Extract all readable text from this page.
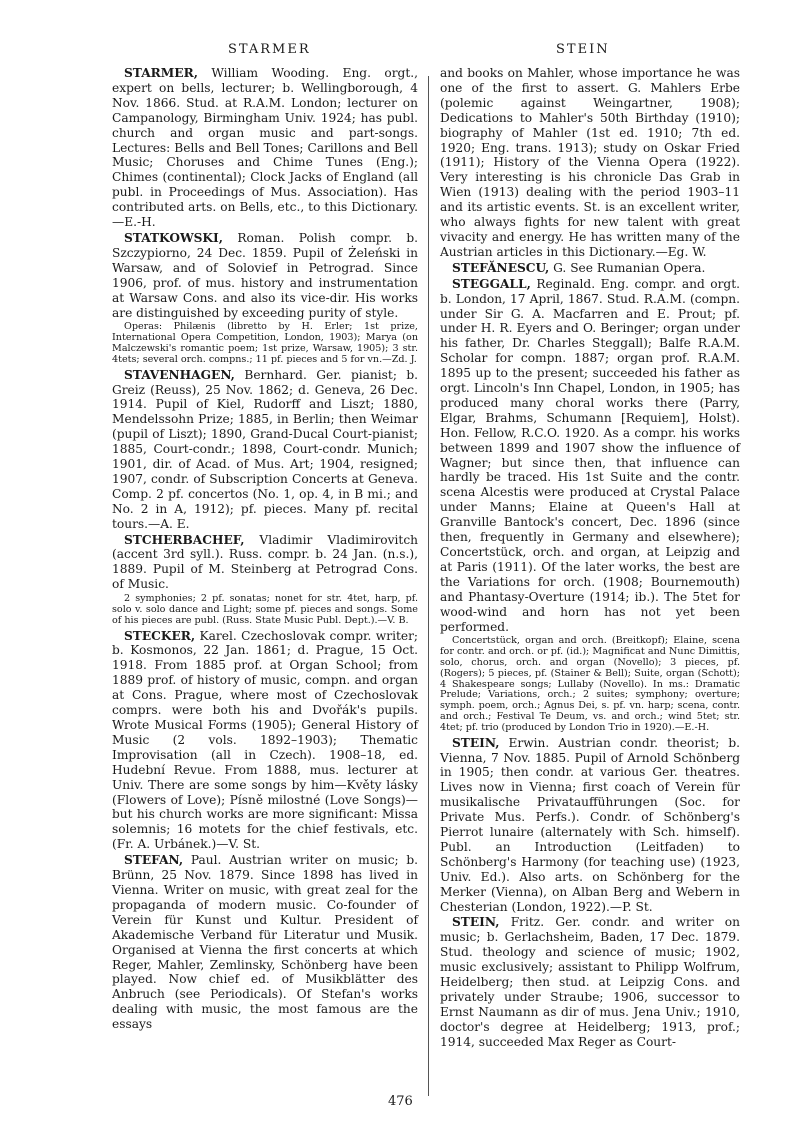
STARMER	STEIN

STARMER, William Wooding. Eng. orgt., expert on bells, lecturer; b. Wellingborough, 4 Nov. 1866. Stud. at R.A.M. London; lecturer on Campanology, Birmingham Univ. 1924; has publ. church and organ music and part-songs. Lectures: Bells and Bell Tones; Carillons and Bell Music; Choruses and Chime Tunes (Eng.); Chimes (continental); Clock Jacks of England (all publ. in Proceedings of Mus. Association). Has contributed arts. on Bells, etc., to this Dictionary.—E.-H.

STATKOWSKI, Roman. Polish compr. b. Szczypiorno, 24 Dec. 1859. Pupil of Żeleński in Warsaw, and of Solovief in Petrograd. Since 1906, prof. of mus. history and instrumentation at Warsaw Cons. and also its vice-dir. His works are distinguished by exceeding purity of style.

Operas: Philænis (libretto by H. Erler; 1st prize, International Opera Competition, London, 1903); Marya (on Malczewski's romantic poem; 1st prize, Warsaw, 1905); 3 str. 4tets; several orch. compns.; 11 pf. pieces and 5 for vn.—Zd. J.

STAVENHAGEN, Bernhard. Ger. pianist; b. Greiz (Reuss), 25 Nov. 1862; d. Geneva, 26 Dec. 1914. Pupil of Kiel, Rudorff and Liszt; 1880, Mendelssohn Prize; 1885, in Berlin; then Weimar (pupil of Liszt); 1890, Grand-Ducal Court-pianist; 1885, Court-condr.; 1898, Court-condr. Munich; 1901, dir. of Acad. of Mus. Art; 1904, resigned; 1907, condr. of Subscription Concerts at Geneva. Comp. 2 pf. concertos (No. 1, op. 4, in B mi.; and No. 2 in A, 1912); pf. pieces. Many pf. recital tours.—A. E.

STCHERBACHEF, Vladimir Vladimirovitch (accent 3rd syll.). Russ. compr. b. 24 Jan. (n.s.), 1889. Pupil of M. Steinberg at Petrograd Cons. of Music.

2 symphonies; 2 pf. sonatas; nonet for str. 4tet, harp, pf. solo v. solo dance and Light; some pf. pieces and songs. Some of his pieces are publ. (Russ. State Music Publ. Dept.).—V. B.

STECKER, Karel. Czechoslovak compr. writer; b. Kosmonos, 22 Jan. 1861; d. Prague, 15 Oct. 1918. From 1885 prof. at Organ School; from 1889 prof. of history of music, compn. and organ at Cons. Prague, where most of Czechoslovak comprs. were both his and Dvořák's pupils. Wrote Musical Forms (1905); General History of Music (2 vols. 1892–1903); Thematic Improvisation (all in Czech). 1908–18, ed. Hudební Revue. From 1888, mus. lecturer at Univ. There are some songs by him—Květy lásky (Flowers of Love); Písně milostné (Love Songs)—but his church works are more significant: Missa solemnis; 16 motets for the chief festivals, etc. (Fr. A. Urbánek.)—V. St.

STEFAN, Paul. Austrian writer on music; b. Brünn, 25 Nov. 1879. Since 1898 has lived in Vienna. Writer on music, with great zeal for the propaganda of modern music. Co-founder of Verein für Kunst und Kultur. President of Akademische Verband für Literatur und Musik. Organised at Vienna the first concerts at which Reger, Mahler, Zemlinsky, Schönberg have been played. Now chief ed. of Musikblätter des Anbruch (see Periodicals). Of Stefan's works dealing with music, the most famous are the essays

and books on Mahler, whose importance he was one of the first to assert. G. Mahlers Erbe (polemic against Weingartner, 1908); Dedications to Mahler's 50th Birthday (1910); biography of Mahler (1st ed. 1910; 7th ed. 1920; Eng. trans. 1913); study on Oskar Fried (1911); History of the Vienna Opera (1922). Very interesting is his chronicle Das Grab in Wien (1913) dealing with the period 1903–11 and its artistic events. St. is an excellent writer, who always fights for new talent with great vivacity and energy. He has written many of the Austrian articles in this Dictionary.—Eg. W.

STEFĂNESCU, G. See Rumanian Opera.

STEGGALL, Reginald. Eng. compr. and orgt. b. London, 17 April, 1867. Stud. R.A.M. (compn. under Sir G. A. Macfarren and E. Prout; pf. under H. R. Eyers and O. Beringer; organ under his father, Dr. Charles Steggall); Balfe R.A.M. Scholar for compn. 1887; organ prof. R.A.M. 1895 up to the present; succeeded his father as orgt. Lincoln's Inn Chapel, London, in 1905; has produced many choral works there (Parry, Elgar, Brahms, Schumann [Requiem], Holst). Hon. Fellow, R.C.O. 1920. As a compr. his works between 1899 and 1907 show the influence of Wagner; but since then, that influence can hardly be traced. His 1st Suite and the contr. scena Alcestis were produced at Crystal Palace under Manns; Elaine at Queen's Hall at Granville Bantock's concert, Dec. 1896 (since then, frequently in Germany and elsewhere); Concertstück, orch. and organ, at Leipzig and at Paris (1911). Of the later works, the best are the Variations for orch. (1908; Bournemouth) and Phantasy-Overture (1914; ib.). The 5tet for wood-wind and horn has not yet been performed.

Concertstück, organ and orch. (Breitkopf); Elaine, scena for contr. and orch. or pf. (id.); Magnificat and Nunc Dimittis, solo, chorus, orch. and organ (Novello); 3 pieces, pf. (Rogers); 5 pieces, pf. (Stainer & Bell); Suite, organ (Schott); 4 Shakespeare songs; Lullaby (Novello). In ms.: Dramatic Prelude; Variations, orch.; 2 suites; symphony; overture; symph. poem, orch.; Agnus Dei, s. pf. vn. harp; scena, contr. and orch.; Festival Te Deum, vs. and orch.; wind 5tet; str. 4tet; pf. trio (produced by London Trio in 1920).—E.-H.

STEIN, Erwin. Austrian condr. theorist; b. Vienna, 7 Nov. 1885. Pupil of Arnold Schönberg in 1905; then condr. at various Ger. theatres. Lives now in Vienna; first coach of Verein für musikalische Privataufführungen (Soc. for Private Mus. Perfs.). Condr. of Schönberg's Pierrot lunaire (alternately with Sch. himself). Publ. an Introduction (Leitfaden) to Schönberg's Harmony (for teaching use) (1923, Univ. Ed.). Also arts. on Schönberg for the Merker (Vienna), on Alban Berg and Webern in Chesterian (London, 1922).—P. St.

STEIN, Fritz. Ger. condr. and writer on music; b. Gerlachsheim, Baden, 17 Dec. 1879. Stud. theology and science of music; 1902, music exclusively; assistant to Philipp Wolfrum, Heidelberg; then stud. at Leipzig Cons. and privately under Straube; 1906, successor to Ernst Naumann as dir of mus. Jena Univ.; 1910, doctor's degree at Heidelberg; 1913, prof.; 1914, succeeded Max Reger as Court-

476
